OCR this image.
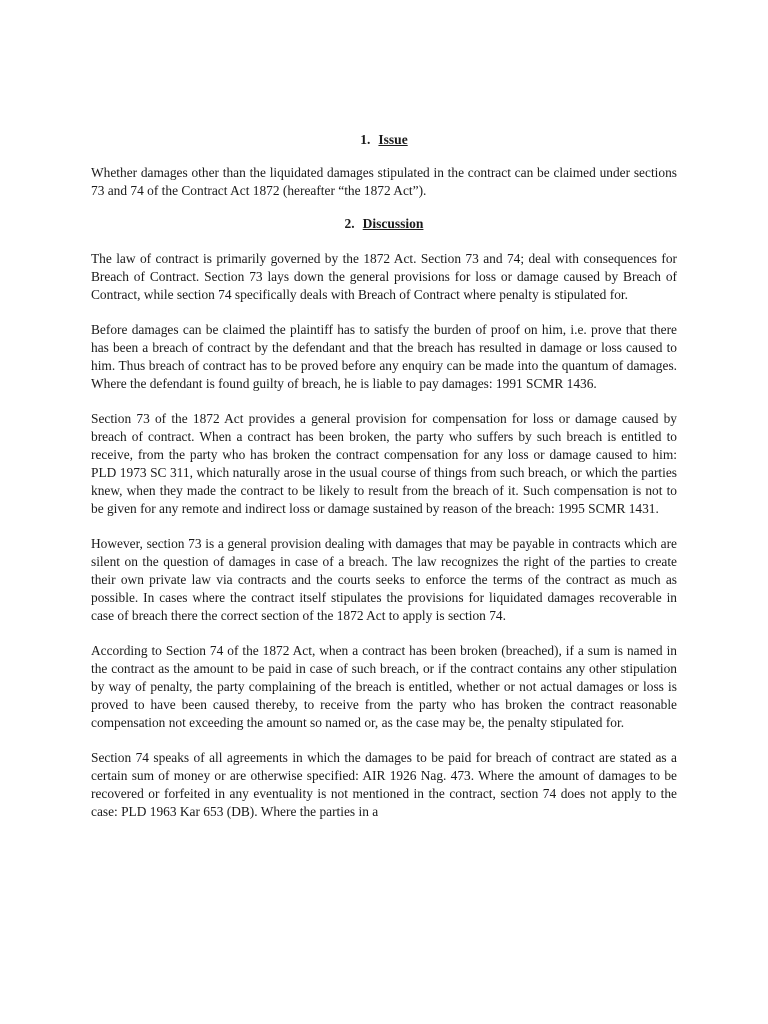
1. Issue

Whether damages other than the liquidated damages stipulated in the contract can be claimed under sections 73 and 74 of the Contract Act 1872 (hereafter “the 1872 Act”).

2. Discussion

The law of contract is primarily governed by the 1872 Act. Section 73 and 74; deal with consequences for Breach of Contract. Section 73 lays down the general provisions for loss or damage caused by Breach of Contract, while section 74 specifically deals with Breach of Contract where penalty is stipulated for.

Before damages can be claimed the plaintiff has to satisfy the burden of proof on him, i.e. prove that there has been a breach of contract by the defendant and that the breach has resulted in damage or loss caused to him. Thus breach of contract has to be proved before any enquiry can be made into the quantum of damages. Where the defendant is found guilty of breach, he is liable to pay damages: 1991 SCMR 1436.

Section 73 of the 1872 Act provides a general provision for compensation for loss or damage caused by breach of contract. When a contract has been broken, the party who suffers by such breach is entitled to receive, from the party who has broken the contract compensation for any loss or damage caused to him: PLD 1973 SC 311, which naturally arose in the usual course of things from such breach, or which the parties knew, when they made the contract to be likely to result from the breach of it. Such compensation is not to be given for any remote and indirect loss or damage sustained by reason of the breach: 1995 SCMR 1431.

However, section 73 is a general provision dealing with damages that may be payable in contracts which are silent on the question of damages in case of a breach. The law recognizes the right of the parties to create their own private law via contracts and the courts seeks to enforce the terms of the contract as much as possible. In cases where the contract itself stipulates the provisions for liquidated damages recoverable in case of breach there the correct section of the 1872 Act to apply is section 74.

According to Section 74 of the 1872 Act, when a contract has been broken (breached), if a sum is named in the contract as the amount to be paid in case of such breach, or if the contract contains any other stipulation by way of penalty, the party complaining of the breach is entitled, whether or not actual damages or loss is proved to have been caused thereby, to receive from the party who has broken the contract reasonable compensation not exceeding the amount so named or, as the case may be, the penalty stipulated for.

Section 74 speaks of all agreements in which the damages to be paid for breach of contract are stated as a certain sum of money or are otherwise specified: AIR 1926 Nag. 473. Where the amount of damages to be recovered or forfeited in any eventuality is not mentioned in the contract, section 74 does not apply to the case: PLD 1963 Kar 653 (DB). Where the parties in a
